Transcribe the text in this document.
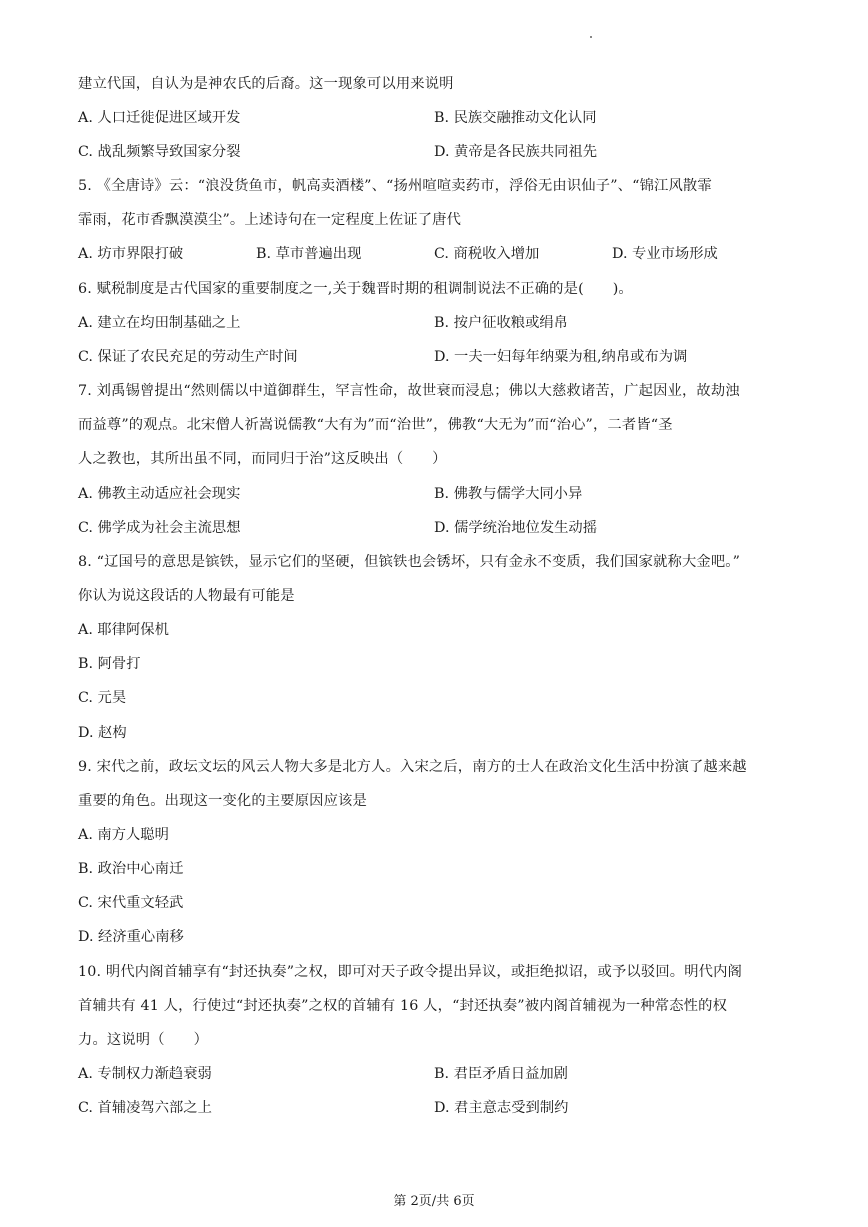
建立代国，自认为是神农氏的后裔。这一现象可以用来说明
A. 人口迁徙促进区域开发	B. 民族交融推动文化认同
C. 战乱频繁导致国家分裂	D. 黄帝是各民族共同祖先
5. 《全唐诗》云：“浪没货鱼市，帆高卖酒楼”、“扬州喧喧卖药市，浮俗无由识仙子”、“锦江风散霏
霏雨，花市香飘漠漠尘”。上述诗句在一定程度上佐证了唐代
A. 坊市界限打破	B. 草市普遍出现	C. 商税收入增加	D. 专业市场形成
6. 赋税制度是古代国家的重要制度之一,关于魏晋时期的租调制说法不正确的是(　　)。
A. 建立在均田制基础之上	B. 按户征收粮或绢帛
C. 保证了农民充足的劳动生产时间	D. 一夫一妇每年纳粟为租,纳帛或布为调
7. 刘禹锡曾提出“然则儒以中道御群生，罕言性命，故世衰而浸息；佛以大慈救诸苦，广起因业，故劫浊
而益尊”的观点。北宋僧人祈嵩说儒教“大有为”而“治世”，佛教“大无为”而“治心”，二者皆“圣
人之教也，其所出虽不同，而同归于治”这反映出（　　）
A. 佛教主动适应社会现实	B. 佛教与儒学大同小异
C. 佛学成为社会主流思想	D. 儒学统治地位发生动摇
8. “辽国号的意思是镔铁，显示它们的坚硬，但镔铁也会锈坏，只有金永不变质，我们国家就称大金吧。”
你认为说这段话的人物最有可能是
A. 耶律阿保机
B. 阿骨打
C. 元昊
D. 赵构
9. 宋代之前，政坛文坛的风云人物大多是北方人。入宋之后，南方的士人在政治文化生活中扮演了越来越
重要的角色。出现这一变化的主要原因应该是
A. 南方人聪明
B. 政治中心南迁
C. 宋代重文轻武
D. 经济重心南移
10. 明代内阁首辅享有“封还执奏”之权，即可对天子政令提出异议，或拒绝拟诏，或予以驳回。明代内阁
首辅共有 41 人，行使过“封还执奏”之权的首辅有 16 人，“封还执奏”被内阁首辅视为一种常态性的权
力。这说明（　　）
A. 专制权力渐趋衰弱	B. 君臣矛盾日益加剧
C. 首辅凌驾六部之上	D. 君主意志受到制约
第 2页/共 6页
